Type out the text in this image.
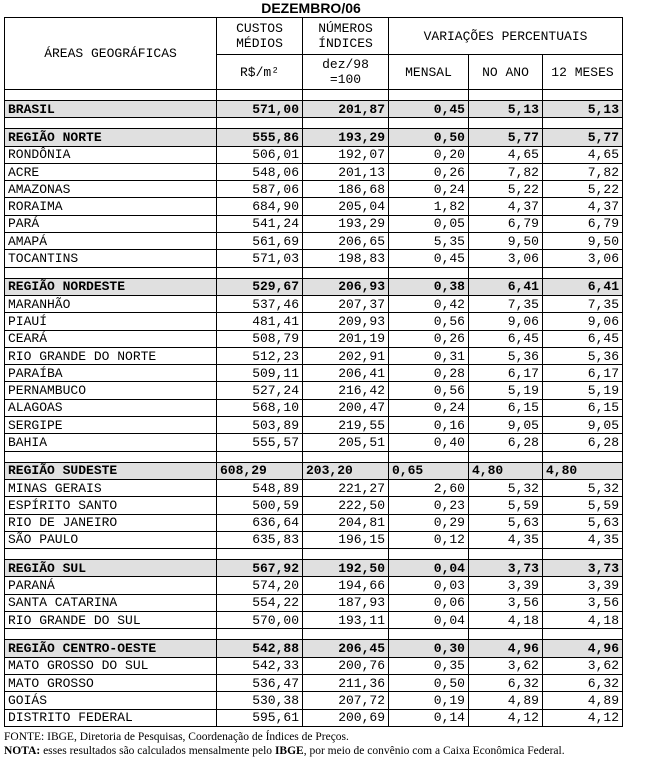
DEZEMBRO/06
ÁREAS GEOGRÁFICAS	CUSTOS MÉDIOS	NÚMEROS ÍNDICES	VARIAÇÕES PERCENTUAIS		
	R$/m²	dez/98 =100	MENSAL	NO ANO	12 MESES

BRASIL	571,00	201,87	0,45	5,13	5,13

REGIÃO NORTE	555,86	193,29	0,50	5,77	5,77
RONDÔNIA	506,01	192,07	0,20	4,65	4,65
ACRE	548,06	201,13	0,26	7,82	7,82
AMAZONAS	587,06	186,68	0,24	5,22	5,22
RORAIMA	684,90	205,04	1,82	4,37	4,37
PARÁ	541,24	193,29	0,05	6,79	6,79
AMAPÁ	561,69	206,65	5,35	9,50	9,50
TOCANTINS	571,03	198,83	0,45	3,06	3,06

REGIÃO NORDESTE	529,67	206,93	0,38	6,41	6,41
MARANHÃO	537,46	207,37	0,42	7,35	7,35
PIAUÍ	481,41	209,93	0,56	9,06	9,06
CEARÁ	508,79	201,19	0,26	6,45	6,45
RIO GRANDE DO NORTE	512,23	202,91	0,31	5,36	5,36
PARAÍBA	509,11	206,41	0,28	6,17	6,17
PERNAMBUCO	527,24	216,42	0,56	5,19	5,19
ALAGOAS	568,10	200,47	0,24	6,15	6,15
SERGIPE	503,89	219,55	0,16	9,05	9,05
BAHIA	555,57	205,51	0,40	6,28	6,28

REGIÃO SUDESTE	608,29	203,20	0,65	4,80	4,80
MINAS GERAIS	548,89	221,27	2,60	5,32	5,32
ESPÍRITO SANTO	500,59	222,50	0,23	5,59	5,59
RIO DE JANEIRO	636,64	204,81	0,29	5,63	5,63
SÃO PAULO	635,83	196,15	0,12	4,35	4,35

REGIÃO SUL	567,92	192,50	0,04	3,73	3,73
PARANÁ	574,20	194,66	0,03	3,39	3,39
SANTA CATARINA	554,22	187,93	0,06	3,56	3,56
RIO GRANDE DO SUL	570,00	193,11	0,04	4,18	4,18

REGIÃO CENTRO-OESTE	542,88	206,45	0,30	4,96	4,96
MATO GROSSO DO SUL	542,33	200,76	0,35	3,62	3,62
MATO GROSSO	536,47	211,36	0,50	6,32	6,32
GOIÁS	530,38	207,72	0,19	4,89	4,89
DISTRITO FEDERAL	595,61	200,69	0,14	4,12	4,12
FONTE: IBGE, Diretoria de Pesquisas, Coordenação de Índices de Preços.
NOTA: esses resultados são calculados mensalmente pelo IBGE, por meio de convênio com a Caixa Econômica Federal.
